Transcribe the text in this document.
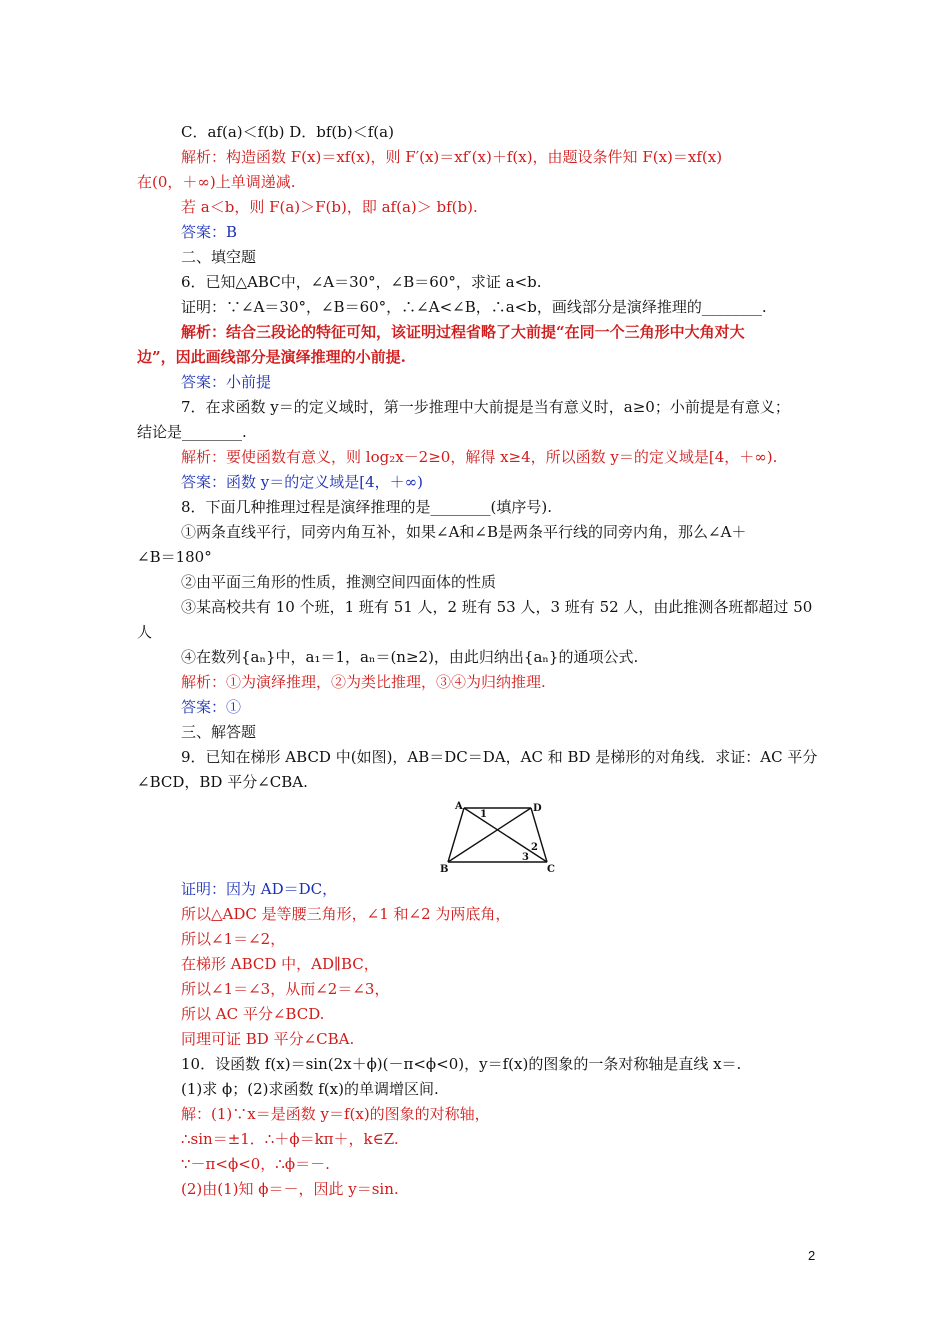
C．af(a)＜f(b) D．bf(b)＜f(a)
解析：构造函数 F(x)＝xf(x)，则 F′(x)＝xf′(x)＋f(x)，由题设条件知 F(x)＝xf(x)
在(0，＋∞)上单调递减.
若 a＜b，则 F(a)＞F(b)，即 af(a)＞ bf(b).
答案：B
二、填空题
6．已知△ABC中，∠A＝30°，∠B＝60°，求证 a<b.
证明：∵∠A＝30°，∠B＝60°，∴∠A<∠B，∴a<b，画线部分是演绎推理的________.
解析：结合三段论的特征可知，该证明过程省略了大前提“在同一个三角形中大角对大
边”，因此画线部分是演绎推理的小前提.
答案：小前提
7．在求函数 y＝的定义域时，第一步推理中大前提是当有意义时，a≥0；小前提是有意义；
结论是________.
解析：要使函数有意义，则 log₂x－2≥0，解得 x≥4，所以函数 y＝的定义域是[4，＋∞).
答案：函数 y＝的定义域是[4，＋∞)
8．下面几种推理过程是演绎推理的是________(填序号).
①两条直线平行，同旁内角互补，如果∠A和∠B是两条平行线的同旁内角，那么∠A＋
∠B＝180°
②由平面三角形的性质，推测空间四面体的性质
③某高校共有 10 个班，1 班有 51 人，2 班有 53 人，3 班有 52 人，由此推测各班都超过 50
人
④在数列{aₙ}中，a₁＝1，aₙ＝(n≥2)，由此归纳出{aₙ}的通项公式.
解析：①为演绎推理，②为类比推理，③④为归纳推理.
答案：①
三、解答题
9．已知在梯形 ABCD 中(如图)，AB＝DC＝DA，AC 和 BD 是梯形的对角线．求证：AC 平分
∠BCD，BD 平分∠CBA.
A	D
B	C
1
2
3
证明：因为 AD＝DC，
所以△ADC 是等腰三角形，∠1 和∠2 为两底角，
所以∠1＝∠2，
在梯形 ABCD 中，AD∥BC，
所以∠1＝∠3，从而∠2＝∠3，
所以 AC 平分∠BCD.
同理可证 BD 平分∠CBA.
10．设函数 f(x)＝sin(2x＋ϕ)(－π<ϕ<0)，y＝f(x)的图象的一条对称轴是直线 x＝.
(1)求 ϕ；(2)求函数 f(x)的单调增区间.
解：(1)∵x＝是函数 y＝f(x)的图象的对称轴，
∴sin＝±1．∴＋ϕ＝kπ＋，k∈Z.
∵－π<ϕ<0，∴ϕ＝－.
(2)由(1)知 ϕ＝－，因此 y＝sin.
2
